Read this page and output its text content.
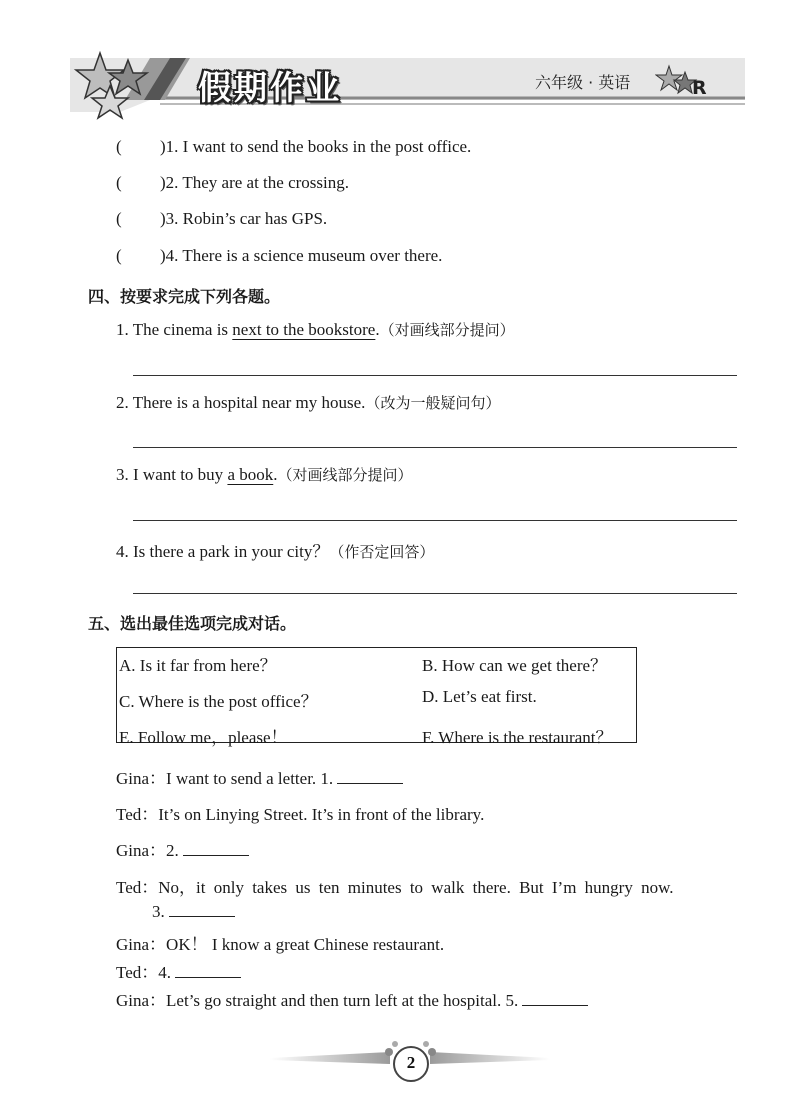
假期作业	六年级 · 英语	R
( )1. I want to send the books in the post office.
( )2. They are at the crossing.
( )3. Robin’s car has GPS.
( )4. There is a science museum over there.
四、按要求完成下列各题。
1. The cinema is next to the bookstore.（对画线部分提问）
2. There is a hospital near my house.（改为一般疑问句）
3. I want to buy a book.（对画线部分提问）
4. Is there a park in your city？（作否定回答）
五、选出最佳选项完成对话。
A. Is it far from here？	B. How can we get there？
C. Where is the post office？	D. Let’s eat first.
E. Follow me，please！	F. Where is the restaurant？
Gina：I want to send a letter. 1.
Ted：It’s on Linying Street. It’s in front of the library.
Gina：2.
Ted：No，it only takes us ten minutes to walk there. But I’m hungry now.
3.
Gina：OK！ I know a great Chinese restaurant.
Ted：4.
Gina：Let’s go straight and then turn left at the hospital. 5.
2
